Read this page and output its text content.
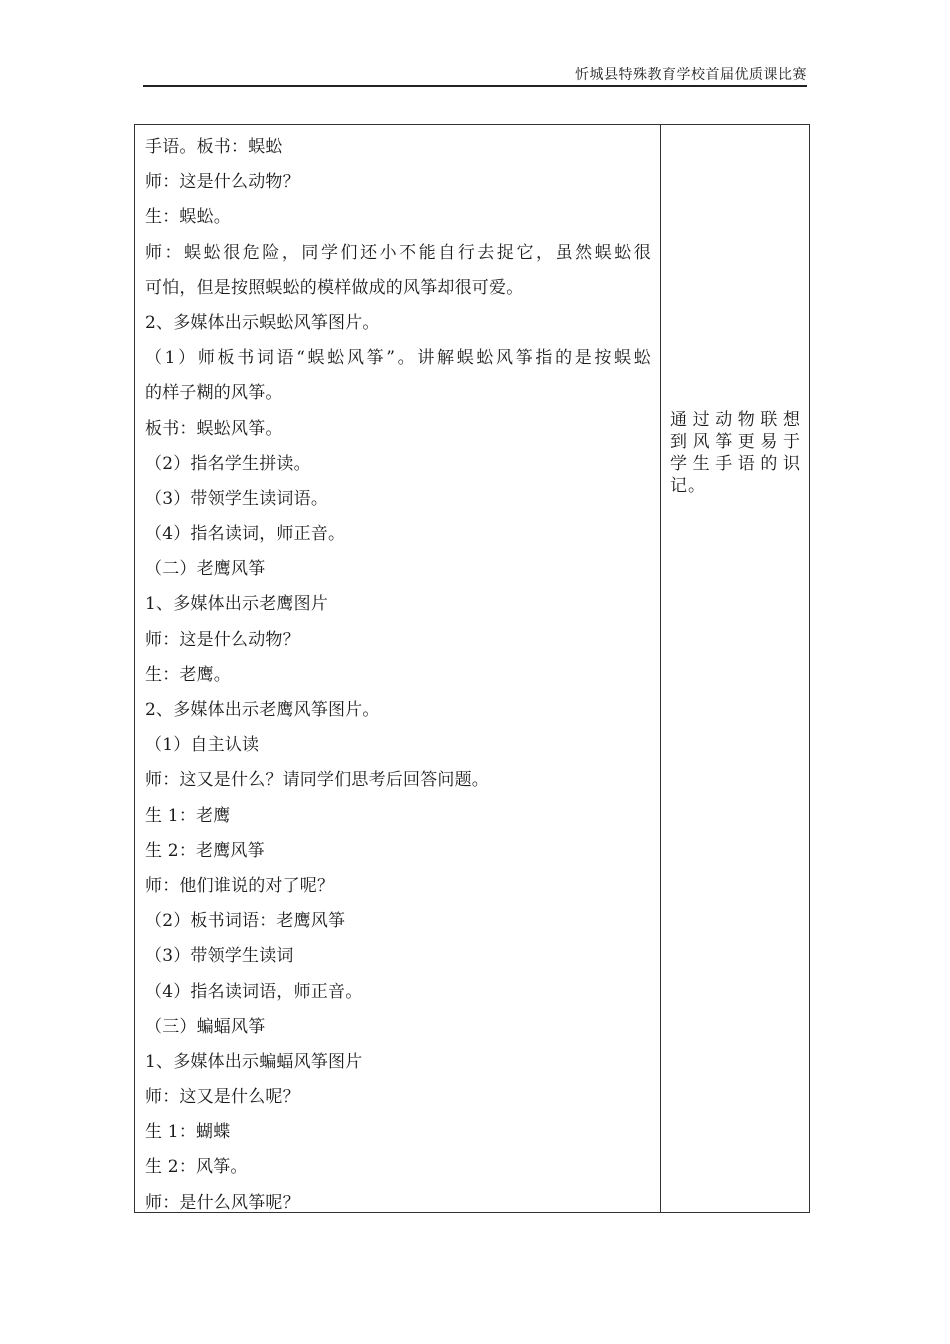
忻城县特殊教育学校首届优质课比赛
手语。板书：蜈蚣
师：这是什么动物？
生：蜈蚣。
师：蜈蚣很危险，同学们还小不能自行去捉它，虽然蜈蚣很
可怕，但是按照蜈蚣的模样做成的风筝却很可爱。
2、多媒体出示蜈蚣风筝图片。
（1）师板书词语“蜈蚣风筝”。讲解蜈蚣风筝指的是按蜈蚣
的样子糊的风筝。
板书：蜈蚣风筝。
（2）指名学生拼读。
（3）带领学生读词语。
（4）指名读词，师正音。
（二）老鹰风筝
1、多媒体出示老鹰图片
师：这是什么动物？
生：老鹰。
2、多媒体出示老鹰风筝图片。
（1）自主认读
师：这又是什么？请同学们思考后回答问题。
生 1：老鹰
生 2：老鹰风筝
师：他们谁说的对了呢？
（2）板书词语：老鹰风筝
（3）带领学生读词
（4）指名读词语，师正音。
（三）蝙蝠风筝
1、多媒体出示蝙蝠风筝图片
师：这又是什么呢？
生 1：蝴蝶
生 2：风筝。
师：是什么风筝呢？
通过动物联想
到风筝更易于
学生手语的识
记。
